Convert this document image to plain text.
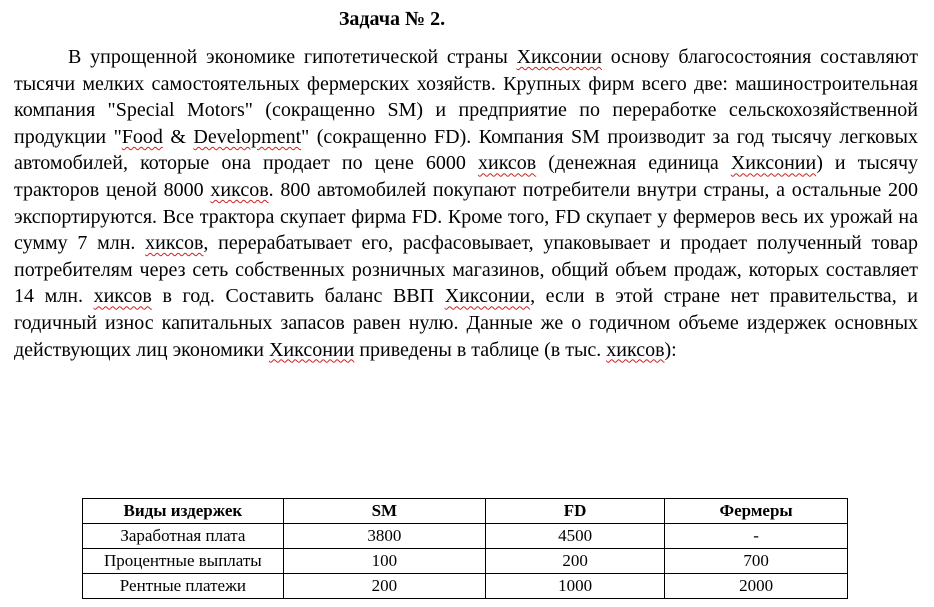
Задача № 2.
В упрощенной экономике гипотетической страны Хиксонии основу благосостояния составляют тысячи мелких самостоятельных фермерских хозяйств. Крупных фирм всего две: машиностроительная компания "Special Motors" (сокращенно SM) и предприятие по переработке сельскохозяйственной продукции "Food & Development" (сокращенно FD). Компания SM производит за год тысячу легковых автомобилей, которые она продает по цене 6000 хиксов (денежная единица Хиксонии) и тысячу тракторов ценой 8000 хиксов. 800 автомобилей покупают потребители внутри страны, а остальные 200 экспортируются. Все трактора скупает фирма FD. Кроме того, FD скупает у фермеров весь их урожай на сумму 7 млн. хиксов, перерабатывает его, расфасовывает, упаковывает и продает полученный товар потребителям через сеть собственных розничных магазинов, общий объем продаж, которых составляет 14 млн. хиксов в год. Составить баланс ВВП Хиксонии, если в этой стране нет правительства, и годичный износ капитальных запасов равен нулю. Данные же о годичном объеме издержек основных действующих лиц экономики Хиксонии приведены в таблице (в тыс. хиксов):
Виды издержек	SM	FD	Фермеры
Заработная плата	3800	4500	-
Процентные выплаты	100	200	700
Рентные платежи	200	1000	2000
